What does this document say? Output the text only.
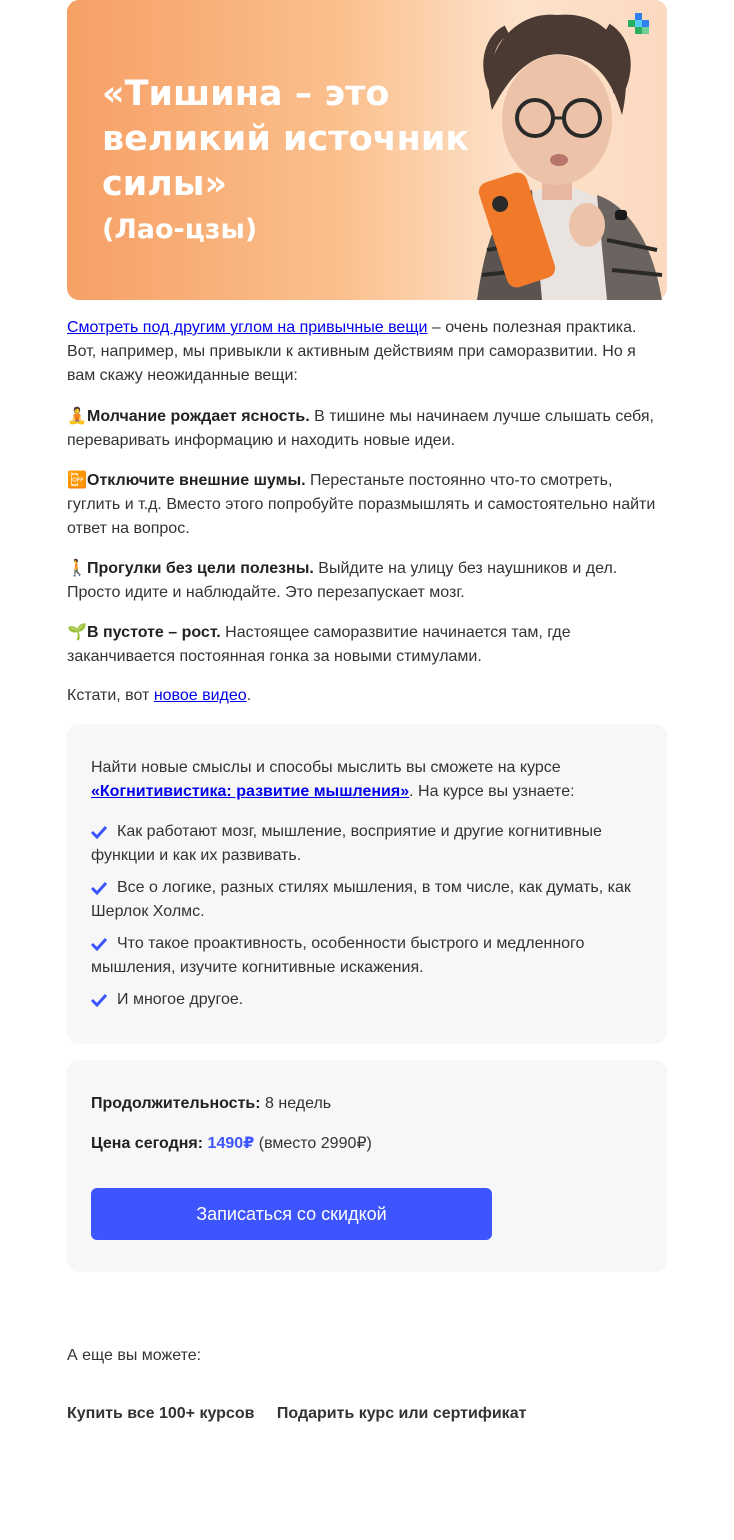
«Тишина – это великий источник силы»
(Лао-цзы)
Смотреть под другим углом на привычные вещи – очень полезная практика. Вот, например, мы привыкли к активным действиям при саморазвитии. Но я вам скажу неожиданные вещи:
🧘Молчание рождает ясность. В тишине мы начинаем лучше слышать себя, переваривать информацию и находить новые идеи.
📴Отключите внешние шумы. Перестаньте постоянно что-то смотреть, гуглить и т.д. Вместо этого попробуйте поразмышлять и самостоятельно найти ответ на вопрос.
🚶Прогулки без цели полезны. Выйдите на улицу без наушников и дел. Просто идите и наблюдайте. Это перезапускает мозг.
🌱В пустоте – рост. Настоящее саморазвитие начинается там, где заканчивается постоянная гонка за новыми стимулами.
Кстати, вот новое видео.
Найти новые смыслы и способы мыслить вы сможете на курсе «Когнитивистика: развитие мышления». На курсе вы узнаете:
Как работают мозг, мышление, восприятие и другие когнитивные функции и как их развивать.
Все о логике, разных стилях мышления, в том числе, как думать, как Шерлок Холмс.
Что такое проактивность, особенности быстрого и медленного мышления, изучите когнитивные искажения.
И многое другое.
Продолжительность: 8 недель
Цена сегодня: 1490₽ (вместо 2990₽)
Записаться со скидкой
А еще вы можете:
Купить все 100+ курсов Подарить курс или сертификат
